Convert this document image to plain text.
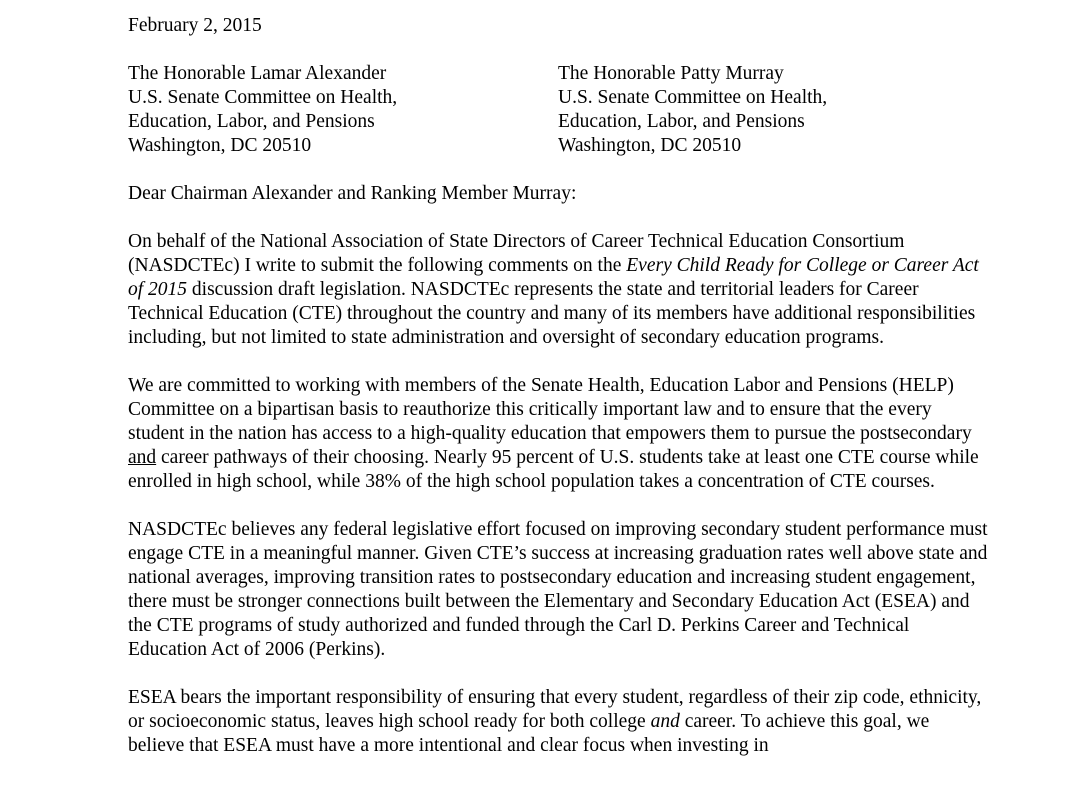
February 2, 2015

The Honorable Lamar Alexander
U.S. Senate Committee on Health,
Education, Labor, and Pensions
Washington, DC 20510
The Honorable Patty Murray
U.S. Senate Committee on Health,
Education, Labor, and Pensions
Washington, DC 20510

Dear Chairman Alexander and Ranking Member Murray:

On behalf of the National Association of State Directors of Career Technical Education Consortium (NASDCTEc) I write to submit the following comments on the Every Child Ready for College or Career Act of 2015 discussion draft legislation. NASDCTEc represents the state and territorial leaders for Career Technical Education (CTE) throughout the country and many of its members have additional responsibilities including, but not limited to state administration and oversight of secondary education programs.

We are committed to working with members of the Senate Health, Education Labor and Pensions (HELP) Committee on a bipartisan basis to reauthorize this critically important law and to ensure that the every student in the nation has access to a high-quality education that empowers them to pursue the postsecondary and career pathways of their choosing. Nearly 95 percent of U.S. students take at least one CTE course while enrolled in high school, while 38% of the high school population takes a concentration of CTE courses.

NASDCTEc believes any federal legislative effort focused on improving secondary student performance must engage CTE in a meaningful manner. Given CTE’s success at increasing graduation rates well above state and national averages, improving transition rates to postsecondary education and increasing student engagement, there must be stronger connections built between the Elementary and Secondary Education Act (ESEA) and the CTE programs of study authorized and funded through the Carl D. Perkins Career and Technical Education Act of 2006 (Perkins).

ESEA bears the important responsibility of ensuring that every student, regardless of their zip code, ethnicity, or socioeconomic status, leaves high school ready for both college and career. To achieve this goal, we believe that ESEA must have a more intentional and clear focus when investing in
